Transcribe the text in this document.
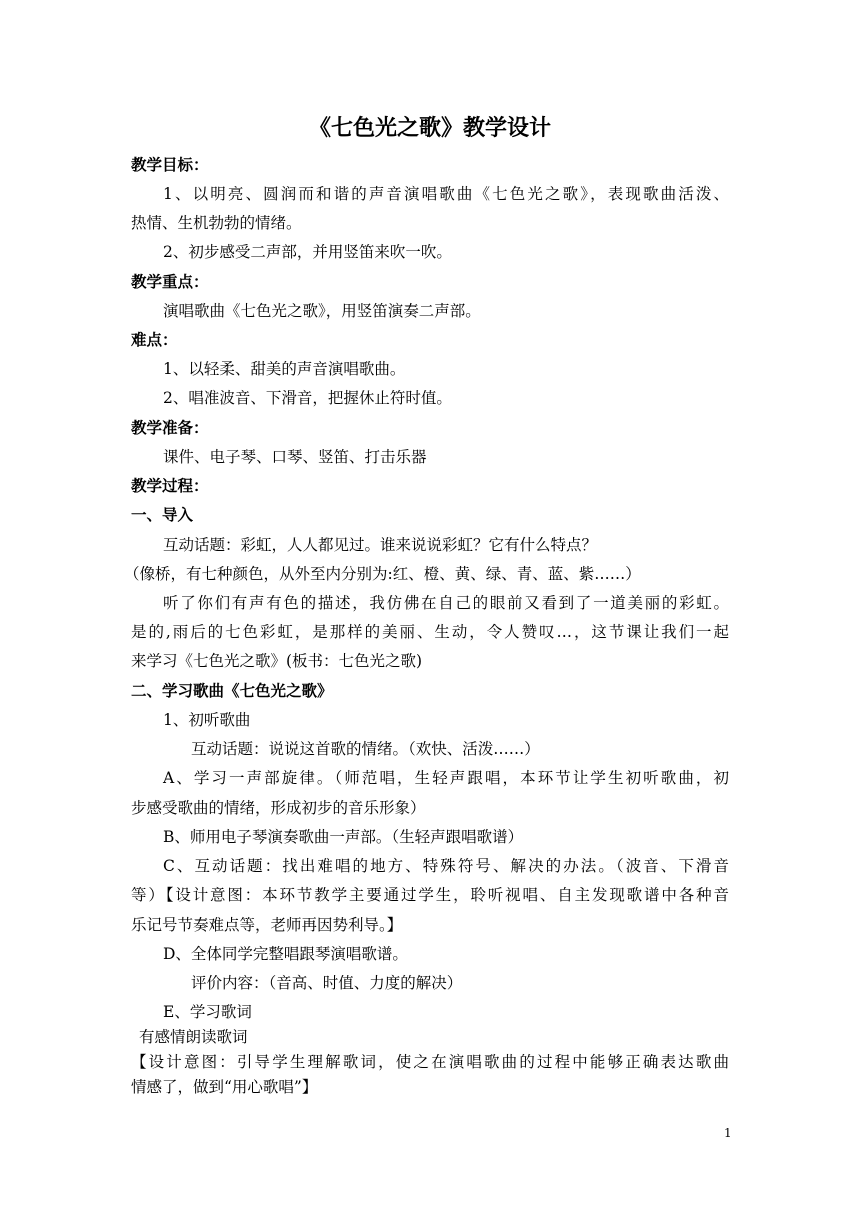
《七色光之歌》教学设计
教学目标：
1、以明亮、圆润而和谐的声音演唱歌曲《七色光之歌》，表现歌曲活泼、
热情、生机勃勃的情绪。
2、初步感受二声部，并用竖笛来吹一吹。
教学重点：
演唱歌曲《七色光之歌》，用竖笛演奏二声部。
难点：
1、以轻柔、甜美的声音演唱歌曲。
2、唱准波音、下滑音，把握休止符时值。
教学准备：
课件、电子琴、口琴、竖笛、打击乐器
教学过程：
一、导入
互动话题：彩虹，人人都见过。谁来说说彩虹？它有什么特点？
（像桥，有七种颜色，从外至内分别为:红、橙、黄、绿、青、蓝、紫……）
听了你们有声有色的描述，我仿佛在自己的眼前又看到了一道美丽的彩虹。
是的,雨后的七色彩虹，是那样的美丽、生动，令人赞叹…，这节课让我们一起
来学习《七色光之歌》(板书：七色光之歌)
二、学习歌曲《七色光之歌》
1、初听歌曲
互动话题：说说这首歌的情绪。（欢快、活泼……）
A、学习一声部旋律。（师范唱，生轻声跟唱，本环节让学生初听歌曲，初
步感受歌曲的情绪，形成初步的音乐形象）
B、师用电子琴演奏歌曲一声部。（生轻声跟唱歌谱）
C、互动话题：找出难唱的地方、特殊符号、解决的办法。（波音、下滑音
等）【设计意图：本环节教学主要通过学生，聆听视唱、自主发现歌谱中各种音
乐记号节奏难点等，老师再因势利导。】
D、全体同学完整唱跟琴演唱歌谱。
评价内容：（音高、时值、力度的解决）
E、学习歌词
有感情朗读歌词
【设计意图：引导学生理解歌词，使之在演唱歌曲的过程中能够正确表达歌曲
情感了，做到“用心歌唱”】
1
